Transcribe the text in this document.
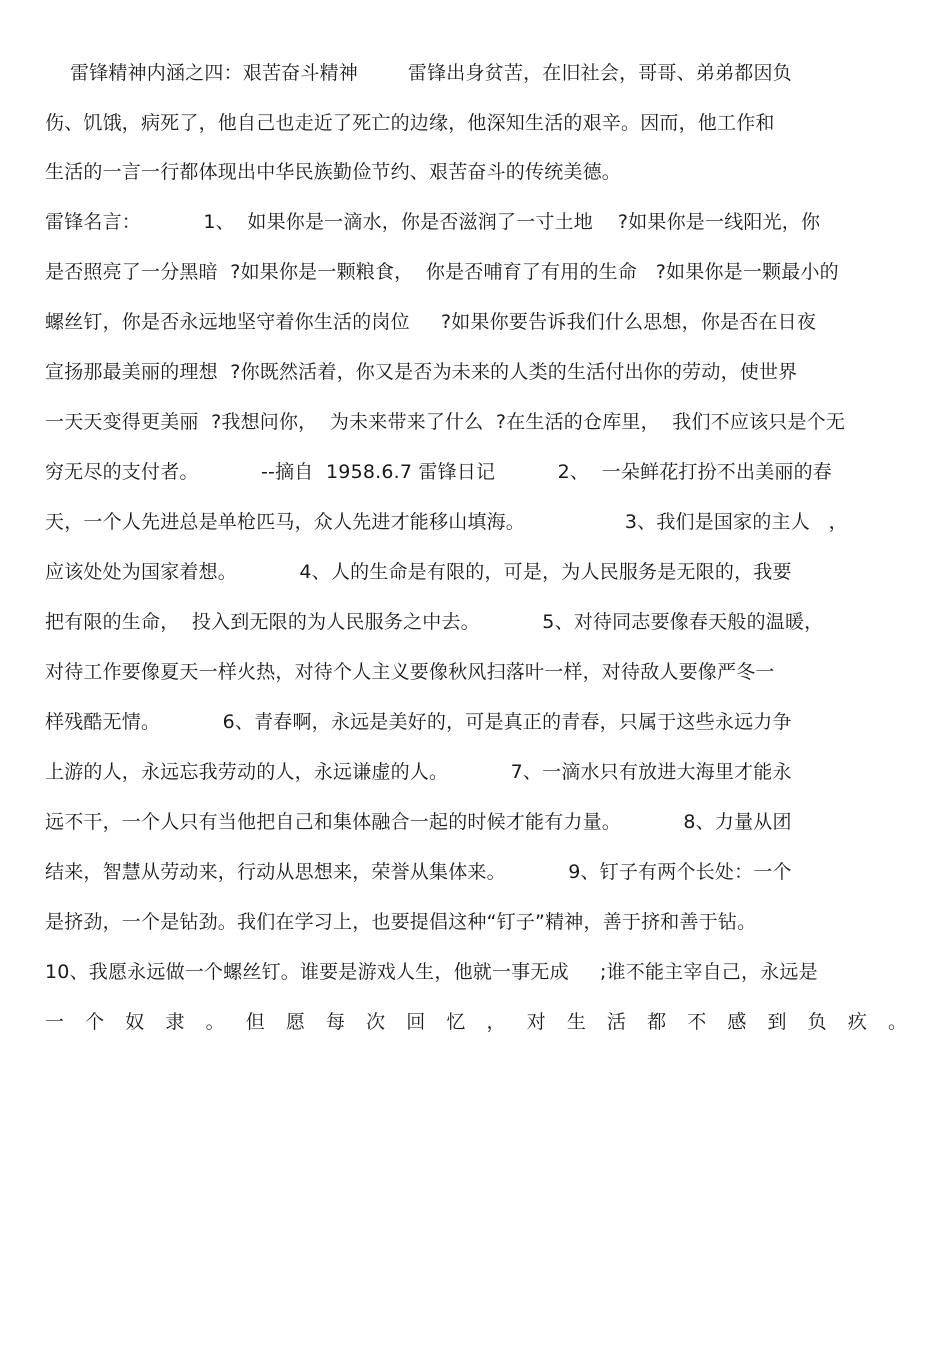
雷锋精神内涵之四：艰苦奋斗精神        雷锋出身贫苦，在旧社会，哥哥、弟弟都因负
伤、饥饿，病死了，他自己也走近了死亡的边缘，他深知生活的艰辛。因而，他工作和
生活的一言一行都体现出中华民族勤俭节约、艰苦奋斗的传统美德。
雷锋名言：          1、  如果你是一滴水，你是否滋润了一寸土地    ?如果你是一线阳光，你
是否照亮了一分黑暗  ?如果你是一颗粮食，  你是否哺育了有用的生命   ?如果你是一颗最小的
螺丝钉，你是否永远地坚守着你生活的岗位     ?如果你要告诉我们什么思想，你是否在日夜
宣扬那最美丽的理想  ?你既然活着，你又是否为未来的人类的生活付出你的劳动，使世界
一天天变得更美丽  ?我想问你，  为未来带来了什么  ?在生活的仓库里，  我们不应该只是个无
穷无尽的支付者。          --摘自  1958.6.7 雷锋日记          2、  一朵鲜花打扮不出美丽的春
天，一个人先进总是单枪匹马，众人先进才能移山填海。                3、我们是国家的主人   ，
应该处处为国家着想。          4、人的生命是有限的，可是，为人民服务是无限的，我要
把有限的生命，  投入到无限的为人民服务之中去。          5、对待同志要像春天般的温暖，
对待工作要像夏天一样火热，对待个人主义要像秋风扫落叶一样，对待敌人要像严冬一
样残酷无情。          6、青春啊，永远是美好的，可是真正的青春，只属于这些永远力争
上游的人，永远忘我劳动的人，永远谦虚的人。          7、一滴水只有放进大海里才能永
远不干，一个人只有当他把自己和集体融合一起的时候才能有力量。          8、力量从团
结来，智慧从劳动来，行动从思想来，荣誉从集体来。          9、钉子有两个长处：一个
是挤劲，一个是钻劲。我们在学习上，也要提倡这种“钉子”精神，善于挤和善于钻。
10、我愿永远做一个螺丝钉。谁要是游戏人生，他就一事无成     ;谁不能主宰自己，永远是
一 个 奴 隶 。 但 愿 每 次 回 忆 ， 对 生 活 都 不 感 到 负 疚 。
